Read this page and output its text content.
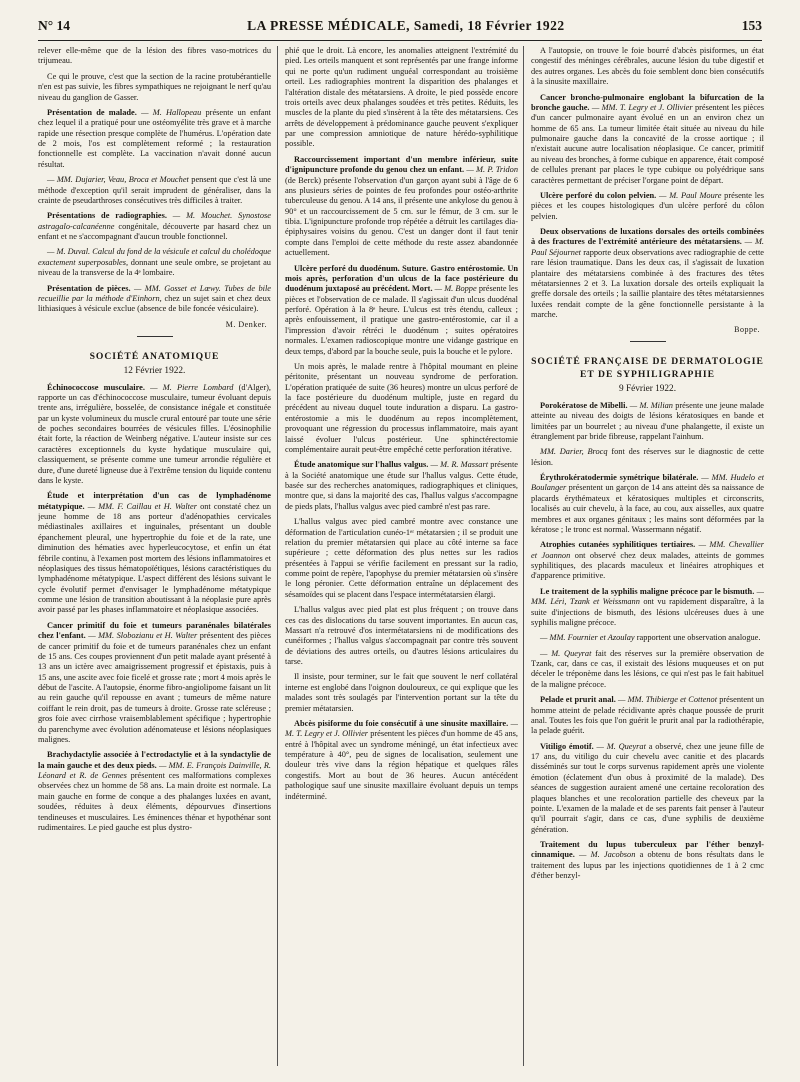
N° 14	LA PRESSE MÉDICALE, Samedi, 18 Février 1922	153

relever elle-même que de la lésion des fibres vaso-motrices du trijumeau.

Ce qui le prouve, c'est que la section de la racine protubérantielle n'en est pas suivie, les fibres sympathiques ne rejoignant le nerf qu'au niveau du ganglion de Gasser.

Présentation de malade. — M. Hallopeau présente un enfant chez lequel il a pratiqué pour une ostéomyélite très grave et à marche rapide une résection presque complète de l'humérus. L'opération date de 2 mois, l'os est complètement reformé ; la restauration fonctionnelle est complète. La vaccination n'avait donné aucun résultat.

— MM. Dujarier, Veau, Broca et Mouchet pensent que c'est là une méthode d'exception qu'il serait imprudent de généraliser, dans la crainte de pseudarthroses consécutives très difficiles à traiter.

Présentations de radiographies. — M. Mouchet. Synostose astragalo-calcanéenne congénitale, découverte par hasard chez un enfant et ne s'accompagnant d'aucun trouble fonctionnel.

— M. Duval. Calcul du fond de la vésicule et calcul du cholédoque exactement superposables, donnant une seule ombre, se projetant au niveau de la transverse de la 4ᵉ lombaire.

Présentation de pièces. — MM. Gosset et Lœwy. Tubes de bile recueillie par la méthode d'Einhorn, chez un sujet sain et chez deux lithiasiques à vésicule exclue (absence de bile foncée vésiculaire).

M. Denker.
SOCIÉTÉ ANATOMIQUE
12 Février 1922.

Échinococcose musculaire. — M. Pierre Lombard (d'Alger), rapporte un cas d'échinococcose musculaire, tumeur évoluant depuis trente ans, irrégulière, bosselée, de consistance inégale et constituée par un kyste volumineux du muscle crural entouré par toute une série de poches secondaires bourrées de vésicules filles. L'éosinophilie était forte, la réaction de Weinberg négative. L'auteur insiste sur ces caractères exceptionnels du kyste hydatique musculaire qui, classiquement, se présente comme une tumeur arrondie régulière et dure, d'une dureté ligneuse due à l'extrême tension du liquide contenu dans le kyste.

Étude et interprétation d'un cas de lymphadénome métatypique. — MM. F. Caillau et H. Walter ont constaté chez un jeune homme de 18 ans porteur d'adénopathies cervicales médiastinales axillaires et inguinales, présentant un double épanchement pleural, une hypertrophie du foie et de la rate, une diminution des hématies avec hyperleucocytose, et enfin un état fébrile continu, à l'examen post mortem des lésions inflammatoires et néoplasiques des tissus hématopoïétiques, lésions caractéristiques du lymphadénome métatypique. L'aspect différent des lésions suivant le cycle évolutif permet d'envisager le lymphadénome métatypique comme une lésion de transition aboutissant à la néoplasie pure après avoir passé par les phases inflammatoire et néoplasique associées.

Cancer primitif du foie et tumeurs paranénales bilatérales chez l'enfant. — MM. Slobozianu et H. Walter présentent des pièces de cancer primitif du foie et de tumeurs paranénales chez un enfant de 15 ans. Ces coupes proviennent d'un petit malade ayant présenté à 13 ans un ictère avec amaigrissement progressif et épistaxis, puis à 15 ans, une ascite avec foie ficelé et grosse rate ; mort 4 mois après le début de l'ascite. A l'autopsie, énorme fibro-angiolipome faisant un lit au rein gauche qu'il repousse en avant ; tumeurs de même nature coiffant le rein droit, pas de tumeurs à droite. Grosse rate scléreuse ; gros foie avec cirrhose vraisemblablement spécifique ; hypertrophie du parenchyme avec évolution adénomateuse et lésions néoplasiques malignes.

Brachydactylie associée à l'ectrodactylie et à la syndactylie de la main gauche et des deux pieds. — MM. E. François Dainville, R. Léonard et R. de Gennes présentent ces malformations complexes observées chez un homme de 58 ans. La main droite est normale. La main gauche en forme de conque a des phalanges luxées en avant, soudées, réduites à deux éléments, dépourvues d'insertions tendineuses et musculaires. Les éminences thénar et hypothénar sont rudimentaires. Le pied gauche est plus dystro-

phié que le droit. Là encore, les anomalies atteignent l'extrémité du pied. Les orteils manquent et sont représentés par une frange informe qui ne porte qu'un rudiment unguéal correspondant au troisième orteil. Les radiographies montrent la disparition des phalanges et l'altération distale des métatarsiens. A droite, le pied possède encore trois orteils avec deux phalanges soudées et très petites. Réduits, les muscles de la plante du pied s'insèrent à la tête des métatarsiens. Ces arrêts de développement à prédominance gauche peuvent s'expliquer par une compression amniotique de nature hérédo-syphilitique possible.

Raccourcissement important d'un membre inférieur, suite d'ignipuncture profonde du genou chez un enfant. — M. P. Tridon (de Berck) présente l'observation d'un garçon ayant subi à l'âge de 6 ans plusieurs séries de pointes de feu profondes pour ostéo-arthrite tuberculeuse du genou. A 14 ans, il présente une ankylose du genou à 90° et un raccourcissement de 5 cm. sur le fémur, de 3 cm. sur le tibia. L'ignipuncture profonde trop répétée a détruit les cartilages dia-épiphysaires voisins du genou. C'est un danger dont il faut tenir compte dans l'emploi de cette méthode du reste assez abandonnée actuellement.

Ulcère perforé du duodénum. Suture. Gastro entérostomie. Un mois après, perforation d'un ulcus de la face postérieure du duodénum juxtaposé au précédent. Mort. — M. Boppe présente les pièces et l'observation de ce malade. Il s'agissait d'un ulcus duodénal perforé. Opération à la 8ᵉ heure. L'ulcus est très étendu, calleux ; après enfouissement, il pratique une gastro-entérostomie, car il a l'impression d'avoir rétréci le duodénum ; suites opératoires normales. L'examen radioscopique montre une vidange gastrique en deux temps, d'abord par la bouche seule, puis la bouche et le pylore.

Un mois après, le malade rentre à l'hôpital moumant en pleine péritonite, présentant un nouveau syndrome de perforation. L'opération pratiquée de suite (36 heures) montre un ulcus perforé de la face postérieure du duodénum multiple, juste en regard du précédent au niveau duquel toute induration a disparu. La gastro-entérostomie a mis le duodénum au repos incomplètement, provoquant une régression du processus inflammatoire, mais ayant laissé évoluer l'ulcus postérieur. Une sphinctérectomie complémentaire aurait peut-être empêché cette perforation itérative.

Étude anatomique sur l'hallus valgus. — M. R. Massart présente à la Société anatomique une étude sur l'hallus valgus. Cette étude, basée sur des recherches anatomiques, radiographiques et cliniques, montre que, si dans la majorité des cas, l'hallus valgus s'accompagne de pieds plats, l'hallus valgus avec pied cambré n'est pas rare.

L'hallus valgus avec pied cambré montre avec constance une déformation de l'articulation cunéo-1ᵉʳ métatarsien ; il se produit une relation du premier métatarsien qui place au côté interne sa face supérieure ; cette déformation des plus nettes sur les radios présentées à l'appui se vérifie facilement en pressant sur la radio, comme point de repère, l'apophyse du premier métatarsien où s'insère le long péronier. Cette déformation entraîne un déplacement des sésamoïdes qui se placent dans l'espace intermétatarsien élargi.

L'hallus valgus avec pied plat est plus fréquent ; on trouve dans ces cas des dislocations du tarse souvent importantes. En aucun cas, Massart n'a retrouvé d'os intermétatarsiens ni de modifications des cunéiformes ; l'hallus valgus s'accompagnait par contre très souvent de déviations des autres orteils, ou d'autres lésions articulaires du tarse.

Il insiste, pour terminer, sur le fait que souvent le nerf collatéral interne est englobé dans l'oignon douloureux, ce qui explique que les malades sont très soulagés par l'intervention portant sur la tête du premier métatarsien.

Abcès pisiforme du foie consécutif à une sinusite maxillaire. — M. T. Legry et J. Ollivier présentent les pièces d'un homme de 45 ans, entré à l'hôpital avec un syndrome méningé, un état infectieux avec température à 40°, peu de signes de localisation, seulement une douleur très vive dans la région hépatique et quelques râles congestifs. Mort au bout de 36 heures. Aucun antécédent pathologique sauf une sinusite maxillaire évoluant depuis un temps indéterminé.

A l'autopsie, on trouve le foie bourré d'abcès pisiformes, un état congestif des méninges cérébrales, aucune lésion du tube digestif et des autres organes. Les abcès du foie semblent donc bien consécutifs à la sinusite maxillaire.

Cancer broncho-pulmonaire englobant la bifurcation de la bronche gauche. — MM. T. Legry et J. Ollivier présentent les pièces d'un cancer pulmonaire ayant évolué en un an environ chez un homme de 65 ans. La tumeur limitée était située au niveau du hile pulmonaire gauche dans la concavité de la crosse aortique ; il n'existait aucune autre localisation néoplasique. Ce cancer, primitif au niveau des bronches, à forme cubique en apparence, était composé de cellules prenant par places le type cubique ou polyédrique sans caractères permettant de préciser l'organe point de départ.

Ulcère perforé du colon pelvien. — M. Paul Moure présente les pièces et les coupes histologiques d'un ulcère perforé du côlon pelvien.

Deux observations de luxations dorsales des orteils combinées à des fractures de l'extrémité antérieure des métatarsiens. — M. Paul Séjournet rapporte deux observations avec radiographie de cette rare lésion traumatique. Dans les deux cas, il s'agissait de luxation plantaire des métatarsiens combinée à des fractures des têtes métatarsiennes 2 et 3. La luxation dorsale des orteils expliquait la greffe dorsale des orteils ; la saillie plantaire des têtes métatarsiennes luxées rendait compte de la gêne fonctionnelle persistante à la marche.

Boppe.
SOCIÉTÉ FRANÇAISE DE DERMATOLOGIE ET DE SYPHILIGRAPHIE
9 Février 1922.

Porokératose de Mibelli. — M. Milian présente une jeune malade atteinte au niveau des doigts de lésions kératosiques en bande et limitées par un bourrelet ; au niveau d'une phalangette, il existe un étranglement par bride fibreuse, rappelant l'ainhum.

MM. Darier, Brocq font des réserves sur le diagnostic de cette lésion.

Érythrokératodermie symétrique bilatérale. — MM. Hudelo et Boulanger présentent un garçon de 14 ans atteint dès sa naissance de placards érythémateux et kératosiques multiples et circonscrits, localisés au cuir chevelu, à la face, au cou, aux aisselles, aux quatre membres et aux organes génitaux ; les mains sont déformées par la kératose ; le tronc est normal. Wassermann négatif.

Atrophies cutanées syphilitiques tertiaires. — MM. Chevallier et Joannon ont observé chez deux malades, atteints de gommes syphilitiques, des placards maculeux et linéaires atrophiques et d'apparence primitive.

Le traitement de la syphilis maligne précoce par le bismuth. — MM. Léri, Tzank et Weissmann ont vu rapidement disparaître, à la suite d'injections de bismuth, des lésions ulcéreuses dues à une syphilis maligne précoce.

— MM. Fournier et Azoulay rapportent une observation analogue.

— M. Queyrat fait des réserves sur la première observation de Tzank, car, dans ce cas, il existait des lésions muqueuses et on put déceler le tréponème dans les lésions, ce qui n'est pas le fait habituel de la maligne précoce.

Pelade et prurit anal. — MM. Thibierge et Cottenot présentent un homme atteint de pelade récidivante après chaque poussée de prurit anal. Toutes les fois que l'on guérit le prurit anal par la radiothérapie, la pelade guérit.

Vitiligo émotif. — M. Queyrat a observé, chez une jeune fille de 17 ans, du vitiligo du cuir chevelu avec canitie et des placards disséminés sur tout le corps survenus rapidement après une violente émotion (éclatement d'un obus à proximité de la malade). Des séances de suggestion auraient amené une certaine recoloration des plaques blanches et une recoloration partielle des cheveux par la pointe. L'examen de la malade et de ses parents fait penser à l'auteur qu'il pourrait s'agir, dans ce cas, d'une syphilis de deuxième génération.

Traitement du lupus tuberculeux par l'éther benzyl-cinnamique. — M. Jacobson a obtenu de bons résultats dans le traitement des lupus par les injections quotidiennes de 1 à 2 cmc d'éther benzyl-
